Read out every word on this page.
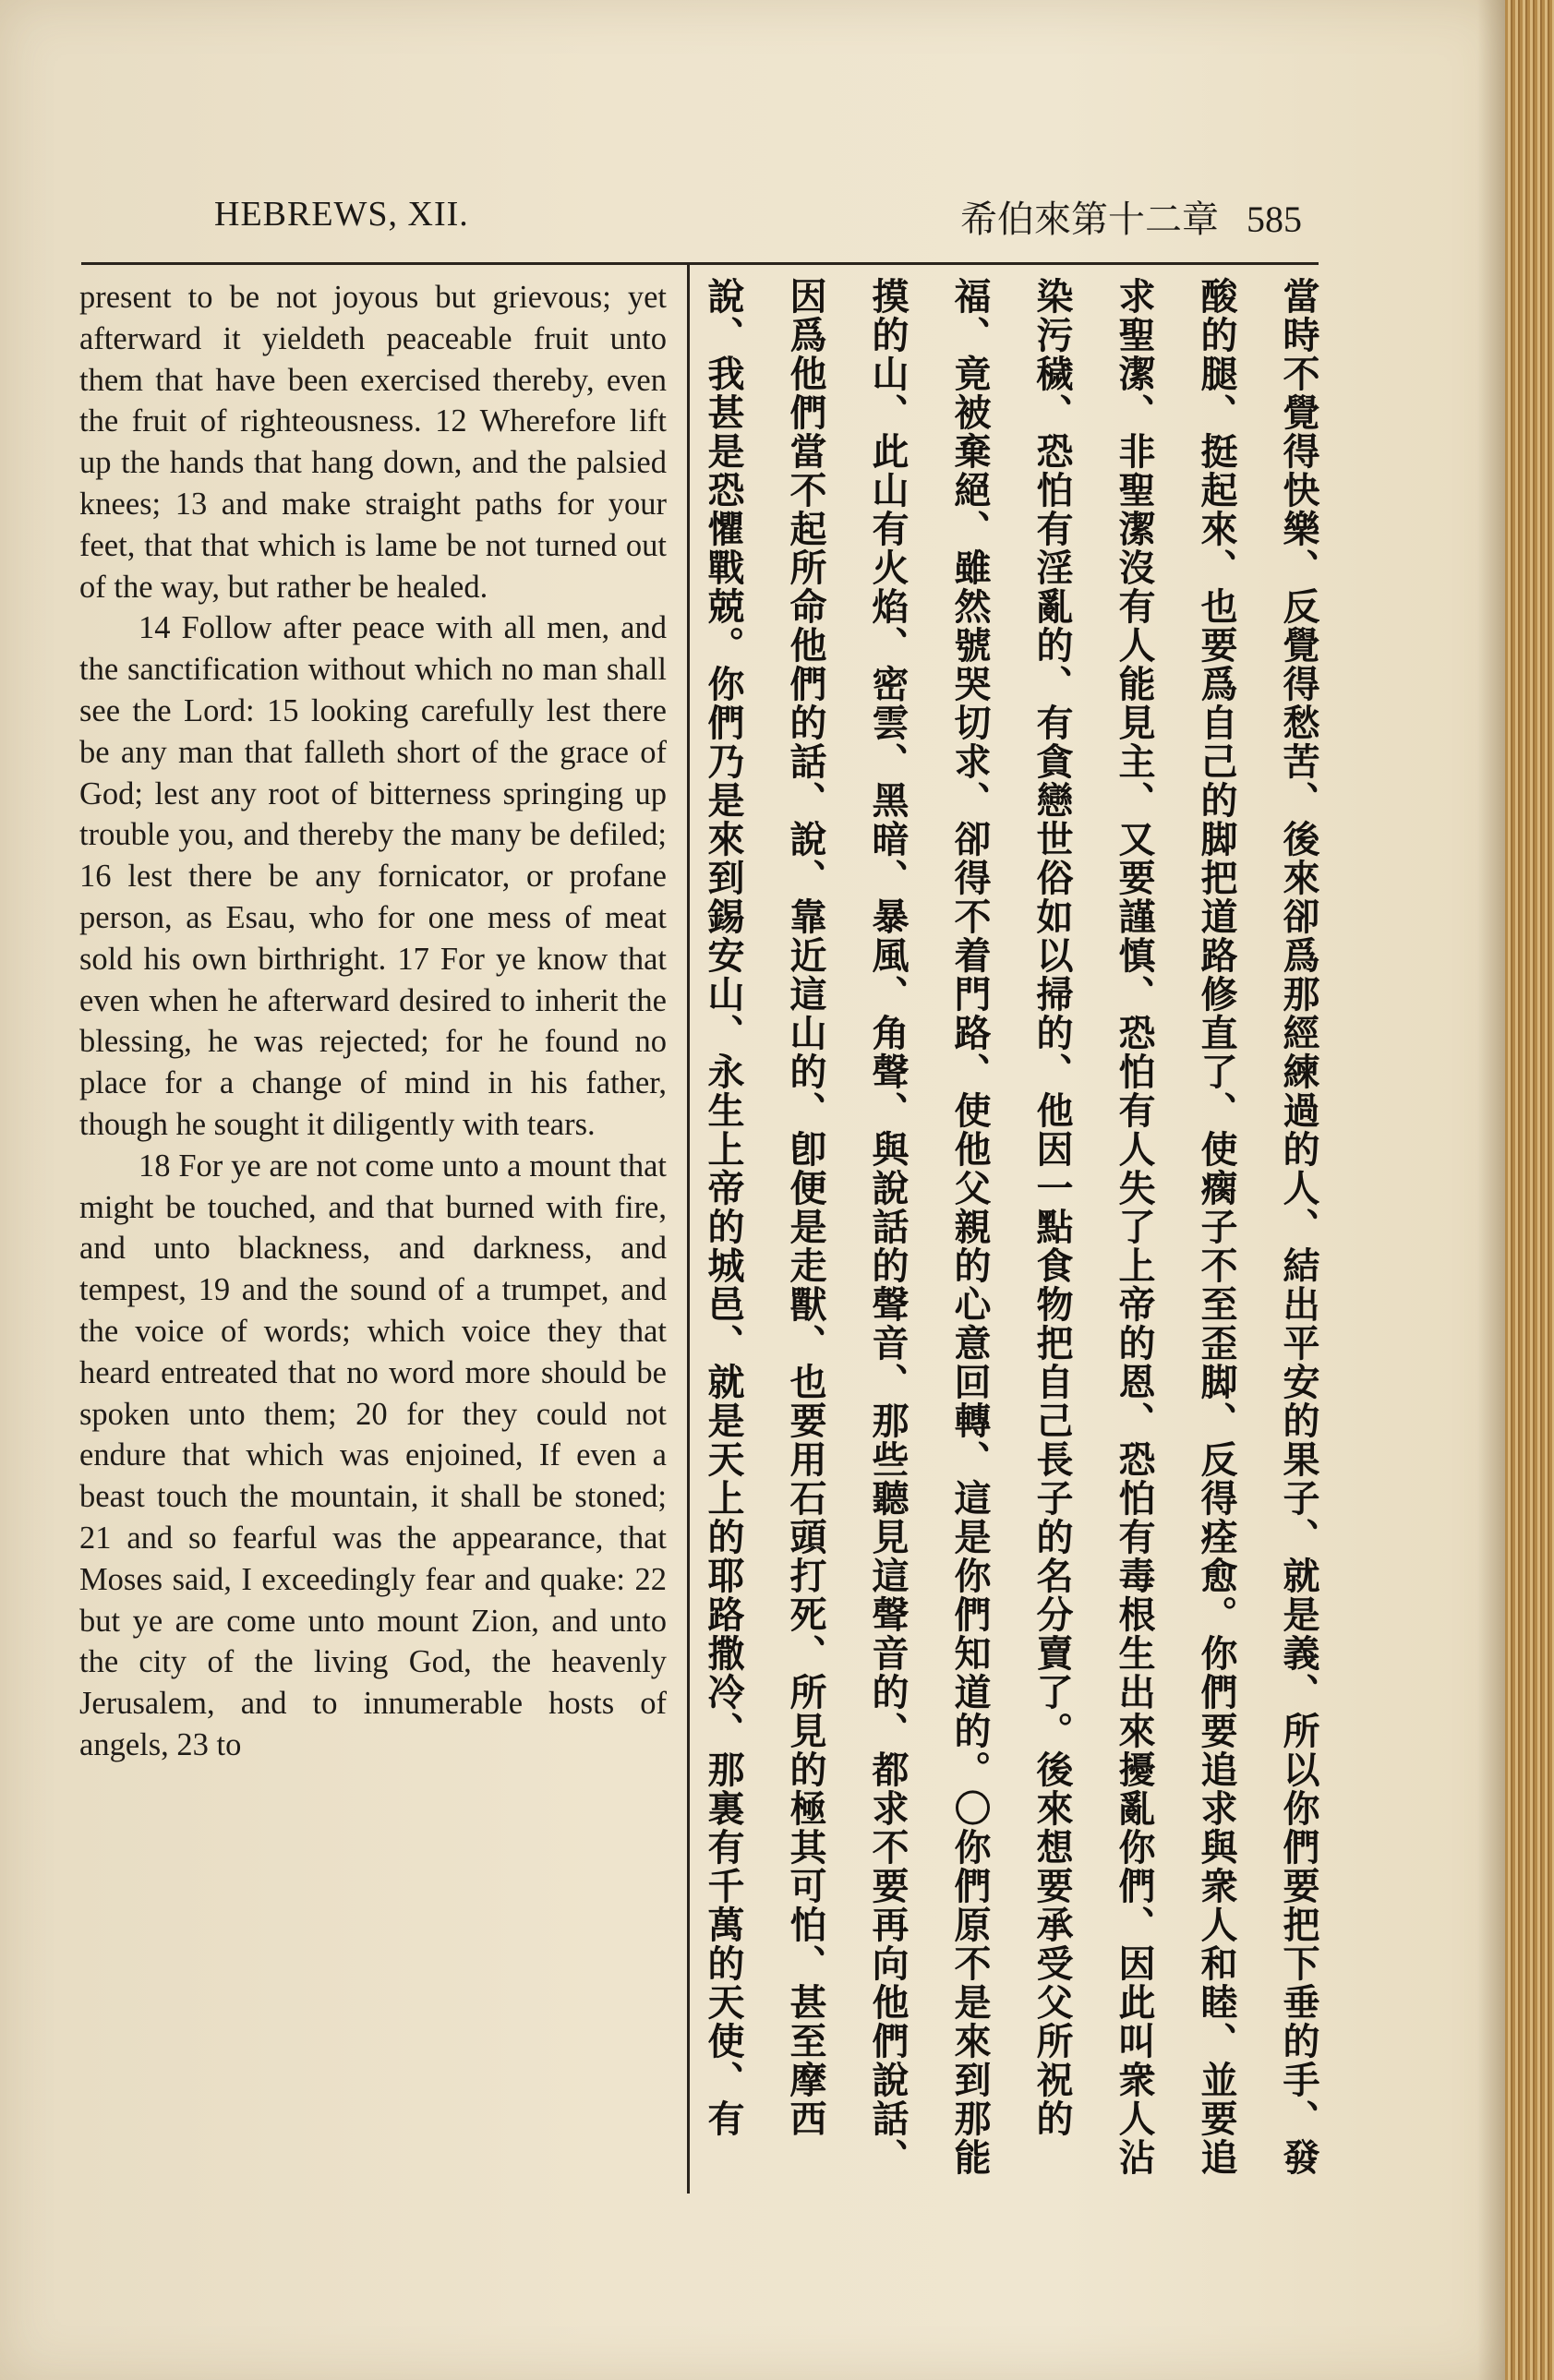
HEBREWS, XII.	希伯來第十二章 585

present to be not joyous but grievous; yet afterward it yieldeth peaceable fruit unto them that have been exercised thereby, even the fruit of righteousness. 12 Wherefore lift up the hands that hang down, and the palsied knees; 13 and make straight paths for your feet, that that which is lame be not turned out of the way, but rather be healed.

14 Follow after peace with all men, and the sanctification without which no man shall see the Lord: 15 looking carefully lest there be any man that falleth short of the grace of God; lest any root of bitterness springing up trouble you, and thereby the many be defiled; 16 lest there be any fornicator, or profane person, as Esau, who for one mess of meat sold his own birthright. 17 For ye know that even when he afterward desired to inherit the blessing, he was rejected; for he found no place for a change of mind in his father, though he sought it diligently with tears.

18 For ye are not come unto a mount that might be touched, and that burned with fire, and unto blackness, and darkness, and tempest, 19 and the sound of a trumpet, and the voice of words; which voice they that heard entreated that no word more should be spoken unto them; 20 for they could not endure that which was enjoined, If even a beast touch the mountain, it shall be stoned; 21 and so fearful was the appearance, that Moses said, I exceedingly fear and quake: 22 but ye are come unto mount Zion, and unto the city of the living God, the heavenly Jerusalem, and to innumerable hosts of angels, 23 to	當時不覺得快樂、反覺得愁苦、後來卻爲那經練過的人、結出平安的果子、就是義、所以你們要把下垂的手、發酸的腿、挺起來、也要爲自己的脚把道路修直了、使瘸子不至歪脚、反得痊愈。你們要追求與衆人和睦、並要追求聖潔、非聖潔沒有人能見主、又要謹慎、恐怕有人失了上帝的恩、恐怕有毒根生出來擾亂你們、因此叫衆人沾染污穢、恐怕有淫亂的、有貪戀世俗如以掃的、他因一點食物把自己長子的名分賣了。後來想要承受父所祝的福、竟被棄絕、雖然號哭切求、卻得不着門路、使他父親的心意回轉、這是你們知道的。〇你們原不是來到那能摸的山、此山有火焰、密雲、黑暗、暴風、角聲、與說話的聲音、那些聽見這聲音的、都求不要再向他們說話、因爲他們當不起所命他們的話、說、靠近這山的、卽便是走獸、也要用石頭打死、所見的極其可怕、甚至摩西說、我甚是恐懼戰兢。你們乃是來到錫安山、永生上帝的城邑、就是天上的耶路撒冷、那裏有千萬的天使、有
